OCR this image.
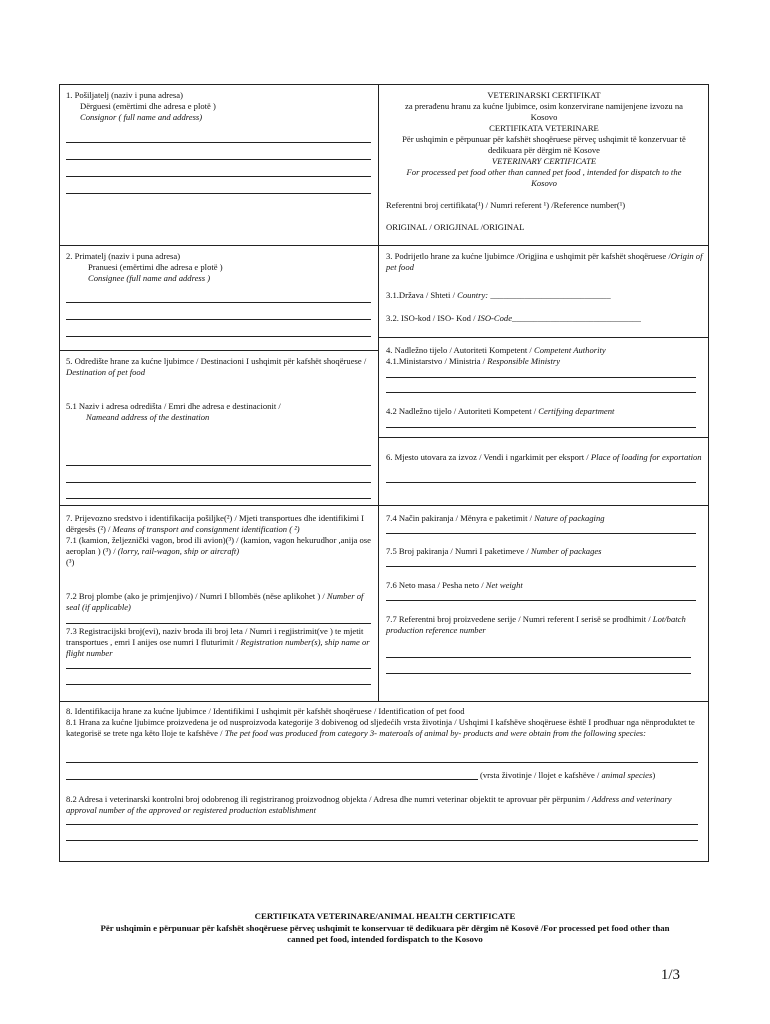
1. Pošiljatelj (naziv i puna adresa)
Dërguesi (emërtimi dhe adresa e plotë )
Consignor ( full name and address)
VETERINARSKI CERTIFIKAT
za prerađenu hranu za kućne ljubimce, osim konzervirane namijenjene izvozu na Kosovo
CERTIFIKATA VETERINARE
Për ushqimin e përpunuar për kafshët shoqëruese përveç ushqimit të konzervuar të dedikuara për dërgim në Kosove
VETERINARY CERTIFICATE
For processed pet food other than canned pet food , intended for dispatch to the Kosovo
Referentni broj certifikata(¹) / Numri referent ¹) /Reference number(¹)
ORIGINAL / ORIGJINAL /ORIGINAL
2. Primatelj (naziv i puna adresa)
Pranuesi (emërtimi dhe adresa e plotë )
Consignee (full name and address )
3. Podrijetlo hrane za kućne ljubimce /Origjina e ushqimit për kafshët shoqëruese /Origin of pet food
3.1.Država / Shteti / Country: ____________________________
3.2. ISO-kod / ISO- Kod / ISO-Code______________________________
4. Nadležno tijelo / Autoriteti Kompetent / Competent Authority
4.1.Ministarstvo / Ministria / Responsible Ministry
4.2 Nadležno tijelo / Autoriteti Kompetent / Certifying department
5. Odredište hrane za kućne ljubimce / Destinacioni I ushqimit për kafshët shoqëruese / Destination of pet food
5.1 Naziv i adresa odredišta / Emri dhe adresa e destinacionit /
Nameand address of the destination
6. Mjesto utovara za izvoz / Vendi i ngarkimit per eksport / Place of loading for exportation
7. Prijevozno sredstvo i identifikacija pošiljke(²) / Mjeti transportues dhe identifikimi I dërgesës (²) / Means of transport and consignment identification ( ²)
7.1 (kamion, željeznički vagon, brod ili avion)(³) / (kamion, vagon hekurudhor ,anija ose aeroplan ) (³) / (lorry, rail-wagon, ship or aircraft)
(³)
7.2 Broj plombe (ako je primjenjivo) / Numri I bllombës (nëse aplikohet ) / Number of seal (if applicable)
7.3 Registracijski broj(evi), naziv broda ili broj leta / Numri i regjistrimit(ve ) te mjetit transportues , emri I anijes ose numri I fluturimit / Registration number(s), ship name or flight number
7.4 Način pakiranja / Mënyra e paketimit / Nature of packaging
7.5 Broj pakiranja / Numri I paketimeve / Number of packages
7.6 Neto masa / Pesha neto / Net weight
7.7 Referentni broj proizvedene serije / Numri referent I serisë se prodhimit / Lot/batch production reference number
8. Identifikacija hrane za kućne ljubimce / Identifikimi I ushqimit për kafshët shoqëruese / Identification of pet food
8.1 Hrana za kućne ljubimce proizvedena je od nusproizvoda kategorije 3 dobivenog od sljedećih vrsta životinja / Ushqimi I kafshëve shoqëruese është I prodhuar nga nënproduktet te kategorisë se trete nga këto lloje te kafshëve / The pet food was produced from category 3- materoals of animal by- products and were obtain from the following species:
(vrsta životinje / llojet e kafshëve / animal species)
8.2 Adresa i veterinarski kontrolni broj odobrenog ili registriranog proizvodnog objekta / Adresa dhe numri veterinar objektit te aprovuar për përpunim / Address and veterinary approval number of the approved or registered production establishment
CERTIFIKATA VETERINARE/ANIMAL HEALTH CERTIFICATE
Për ushqimin e përpunuar për kafshët shoqëruese përveç ushqimit te konservuar të dedikuara për dërgim në Kosovë /For processed pet food other than canned pet food, intended fordispatch to the Kosovo
1/3
